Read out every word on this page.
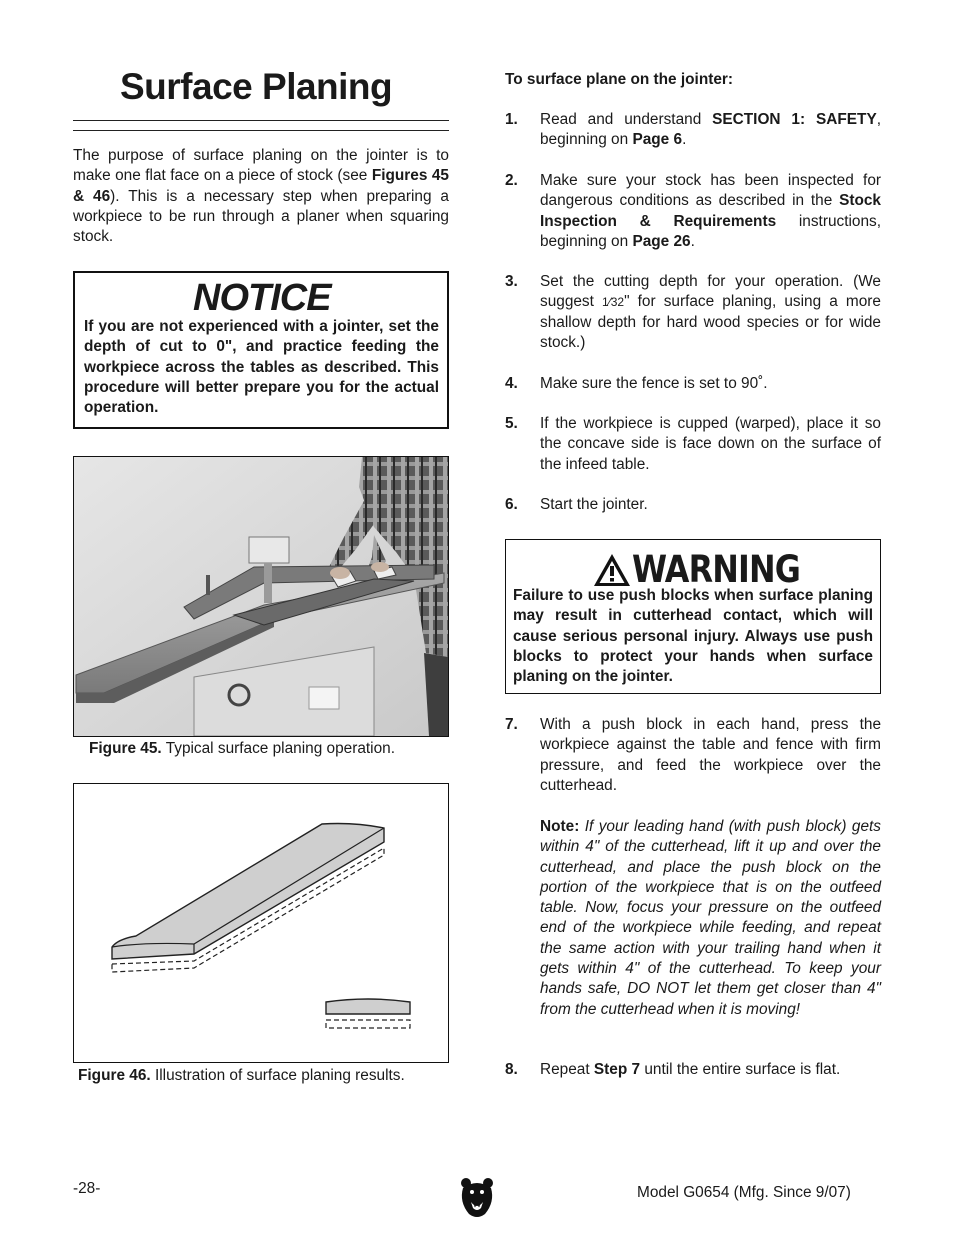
Surface Planing
The purpose of surface planing on the jointer is to make one flat face on a piece of stock (see Figures 45 & 46). This is a necessary step when preparing a workpiece to be run through a planer when squaring stock.
NOTICE
If you are not experienced with a jointer, set the depth of cut to 0", and practice feeding the workpiece across the tables as described. This procedure will better prepare you for the actual operation.
Figure 45. Typical surface planing operation.
Figure 46. Illustration of surface planing results.
To surface plane on the jointer:
1. Read and understand SECTION 1: SAFETY, beginning on Page 6.
2. Make sure your stock has been inspected for dangerous conditions as described in the Stock Inspection & Requirements instructions, beginning on Page 26.
3. Set the cutting depth for your operation. (We suggest 1⁄32" for surface planing, using a more shallow depth for hard wood species or for wide stock.)
4. Make sure the fence is set to 90˚.
5. If the workpiece is cupped (warped), place it so the concave side is face down on the surface of the infeed table.
6. Start the jointer.
WARNING
Failure to use push blocks when surface planing may result in cutterhead contact, which will cause serious personal injury. Always use push blocks to protect your hands when surface planing on the jointer.
7. With a push block in each hand, press the workpiece against the table and fence with firm pressure, and feed the workpiece over the cutterhead.
Note: If your leading hand (with push block) gets within 4" of the cutterhead, lift it up and over the cutterhead, and place the push block on the portion of the workpiece that is on the outfeed table. Now, focus your pressure on the outfeed end of the workpiece while feeding, and repeat the same action with your trailing hand when it gets within 4" of the cutterhead. To keep your hands safe, DO NOT let them get closer than 4" from the cutterhead when it is moving!
8. Repeat Step 7 until the entire surface is flat.
-28-	Model G0654 (Mfg. Since 9/07)
